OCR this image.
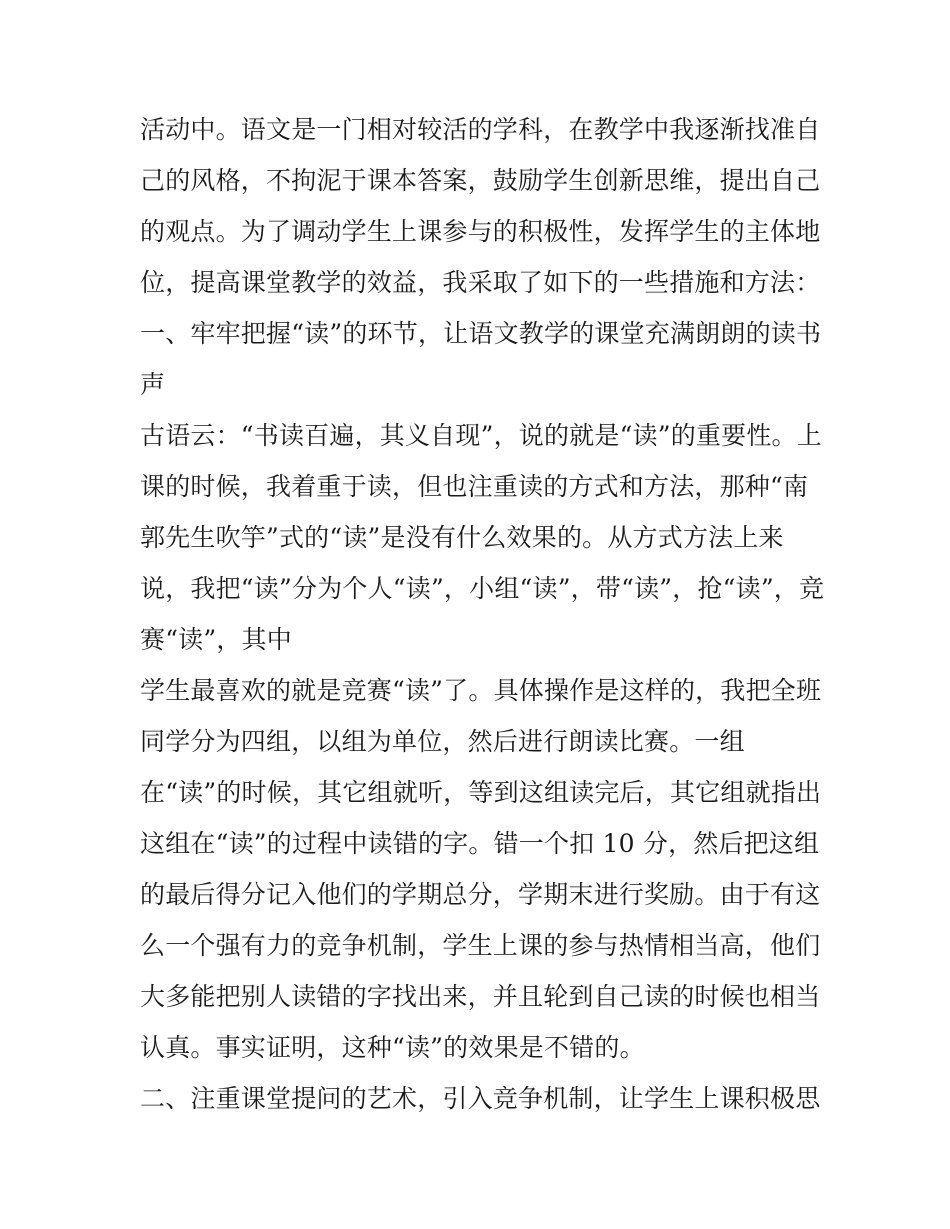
活动中。语文是一门相对较活的学科，在教学中我逐渐找准自
己的风格，不拘泥于课本答案，鼓励学生创新思维，提出自己
的观点。为了调动学生上课参与的积极性，发挥学生的主体地
位，提高课堂教学的效益，我采取了如下的一些措施和方法：
一、牢牢把握“读”的环节，让语文教学的课堂充满朗朗的读书
声
古语云：“书读百遍，其义自现”，说的就是“读”的重要性。上
课的时候，我着重于读，但也注重读的方式和方法，那种“南
郭先生吹竽”式的“读”是没有什么效果的。从方式方法上来
说，我把“读”分为个人“读”，小组“读”，带“读”，抢“读”，竞
赛“读”，其中
学生最喜欢的就是竞赛“读”了。具体操作是这样的，我把全班
同学分为四组，以组为单位，然后进行朗读比赛。一组
在“读”的时候，其它组就听，等到这组读完后，其它组就指出
这组在“读”的过程中读错的字。错一个扣 10 分，然后把这组
的最后得分记入他们的学期总分，学期末进行奖励。由于有这
么一个强有力的竞争机制，学生上课的参与热情相当高，他们
大多能把别人读错的字找出来，并且轮到自己读的时候也相当
认真。事实证明，这种“读”的效果是不错的。
二、注重课堂提问的艺术，引入竞争机制，让学生上课积极思
